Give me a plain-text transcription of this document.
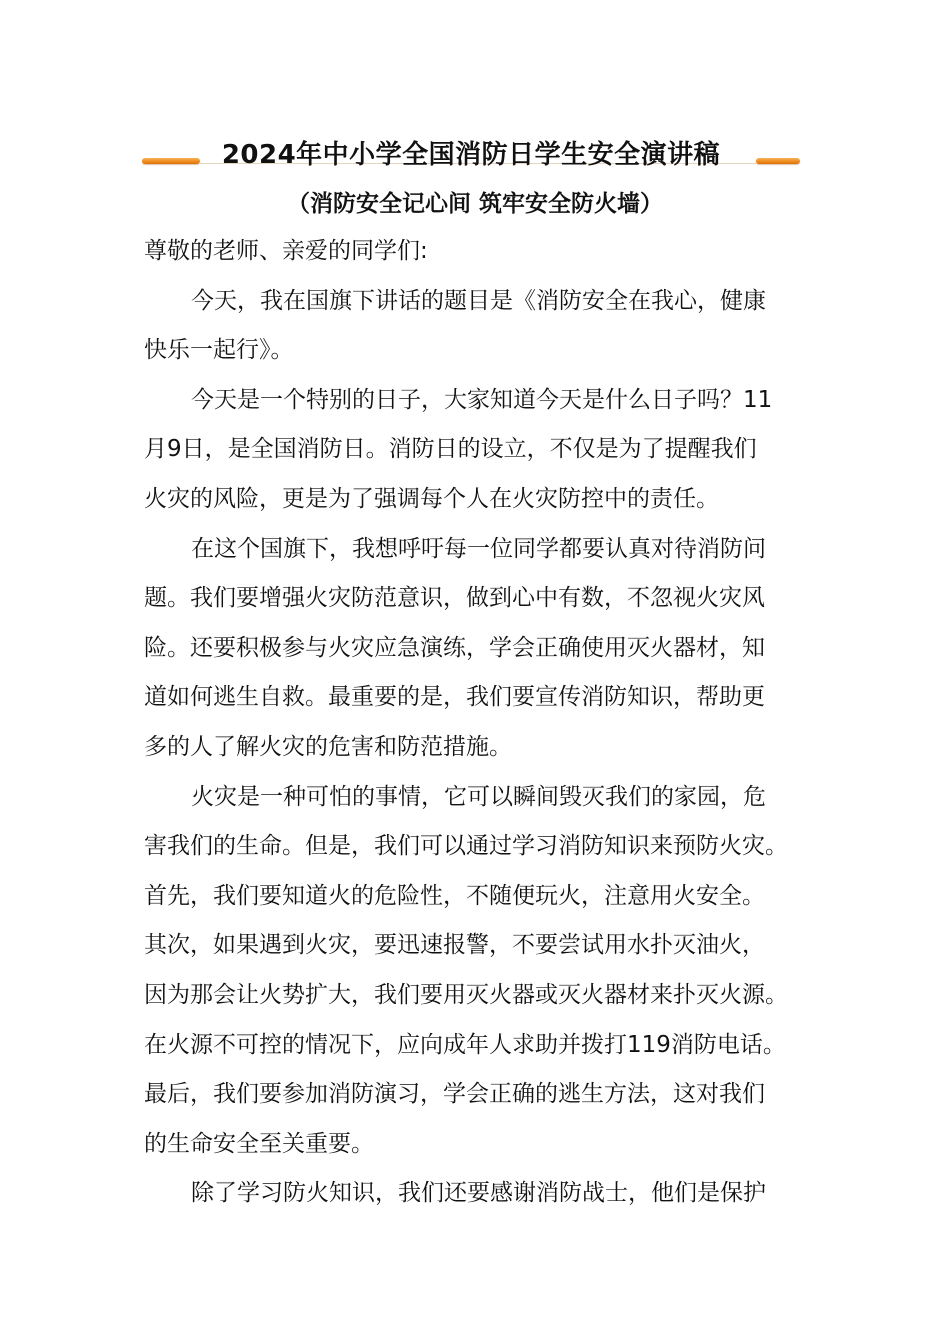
2024年中小学全国消防日学生安全演讲稿
（消防安全记心间 筑牢安全防火墙）

尊敬的老师、亲爱的同学们:

今天，我在国旗下讲话的题目是《消防安全在我心，健康

快乐一起行》。

今天是一个特别的日子，大家知道今天是什么日子吗？11

月9日，是全国消防日。消防日的设立，不仅是为了提醒我们

火灾的风险，更是为了强调每个人在火灾防控中的责任。

在这个国旗下，我想呼吁每一位同学都要认真对待消防问

题。我们要增强火灾防范意识，做到心中有数，不忽视火灾风

险。还要积极参与火灾应急演练，学会正确使用灭火器材，知

道如何逃生自救。最重要的是，我们要宣传消防知识，帮助更

多的人了解火灾的危害和防范措施。

火灾是一种可怕的事情，它可以瞬间毁灭我们的家园，危

害我们的生命。但是，我们可以通过学习消防知识来预防火灾。

首先，我们要知道火的危险性，不随便玩火，注意用火安全。

其次，如果遇到火灾，要迅速报警，不要尝试用水扑灭油火，

因为那会让火势扩大，我们要用灭火器或灭火器材来扑灭火源。

在火源不可控的情况下，应向成年人求助并拨打119消防电话。

最后，我们要参加消防演习，学会正确的逃生方法，这对我们

的生命安全至关重要。

除了学习防火知识，我们还要感谢消防战士，他们是保护
